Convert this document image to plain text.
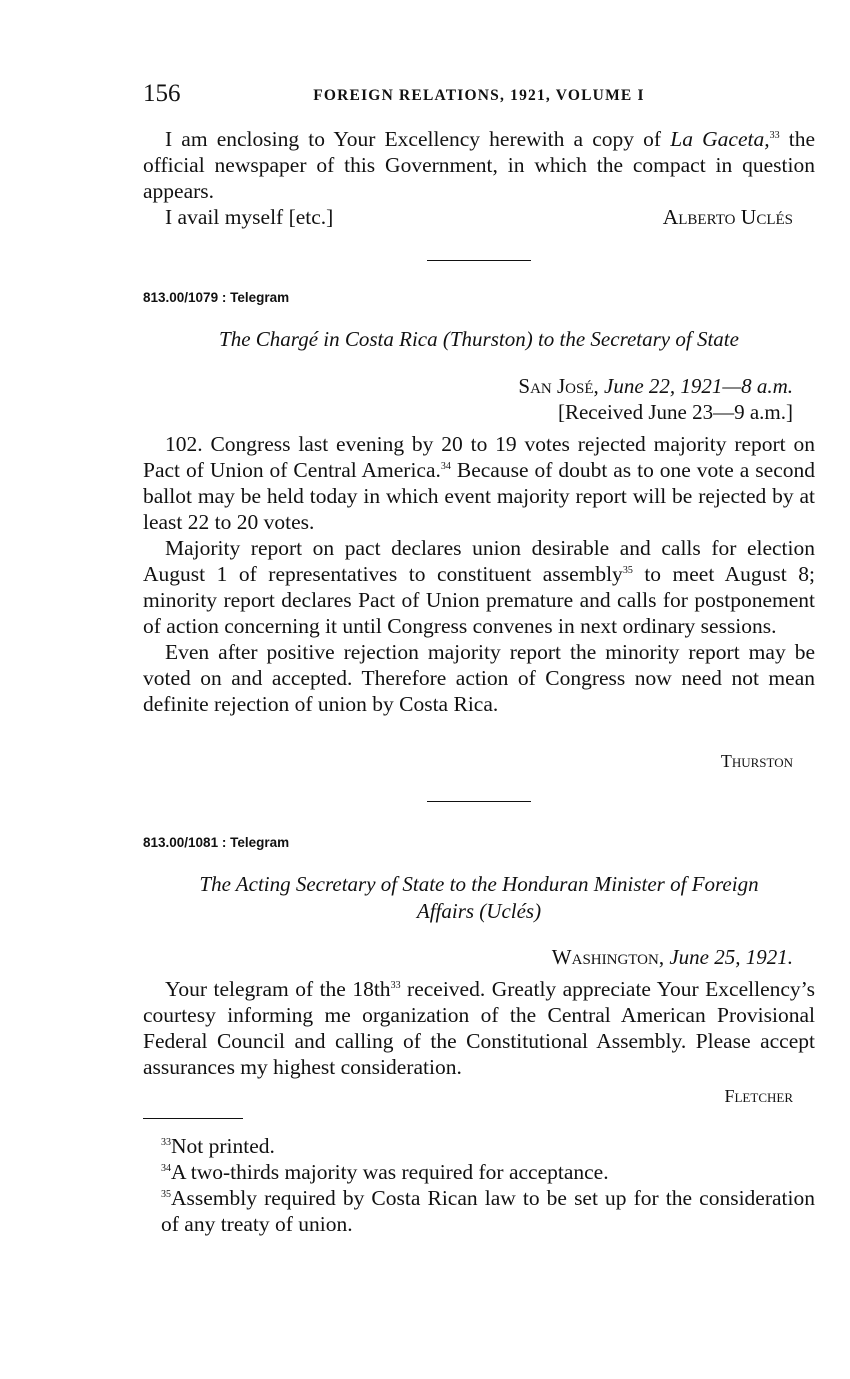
156	FOREIGN RELATIONS, 1921, VOLUME I

I am enclosing to Your Excellency herewith a copy of La Gaceta,$^{33}$ the official newspaper of this Government, in which the compact in question appears.

I avail myself [etc.]	Alberto Uclés
813.00/1079 : Telegram
The Chargé in Costa Rica (Thurston) to the Secretary of State
San José, June 22, 1921—8 a.m.
[Received June 23—9 a.m.]

102. Congress last evening by 20 to 19 votes rejected majority report on Pact of Union of Central America.$^{34}$ Because of doubt as to one vote a second ballot may be held today in which event majority report will be rejected by at least 22 to 20 votes.

Majority report on pact declares union desirable and calls for election August 1 of representatives to constituent assembly$^{35}$ to meet August 8; minority report declares Pact of Union premature and calls for postponement of action concerning it until Congress convenes in next ordinary sessions.

Even after positive rejection majority report the minority report may be voted on and accepted. Therefore action of Congress now need not mean definite rejection of union by Costa Rica.

Thurston
813.00/1081 : Telegram
The Acting Secretary of State to the Honduran Minister of Foreign
Affairs (Uclés)
Washington, June 25, 1921.

Your telegram of the $18th^{33}$ received. Greatly appreciate Your Excellency’s courtesy informing me organization of the Central American Provisional Federal Council and calling of the Constitutional Assembly. Please accept assurances my highest consideration.

Fletcher

$^{33}$Not printed.

$^{34}$A two-thirds majority was required for acceptance.

$^{35}$Assembly required by Costa Rican law to be set up for the consideration of any treaty of union.
